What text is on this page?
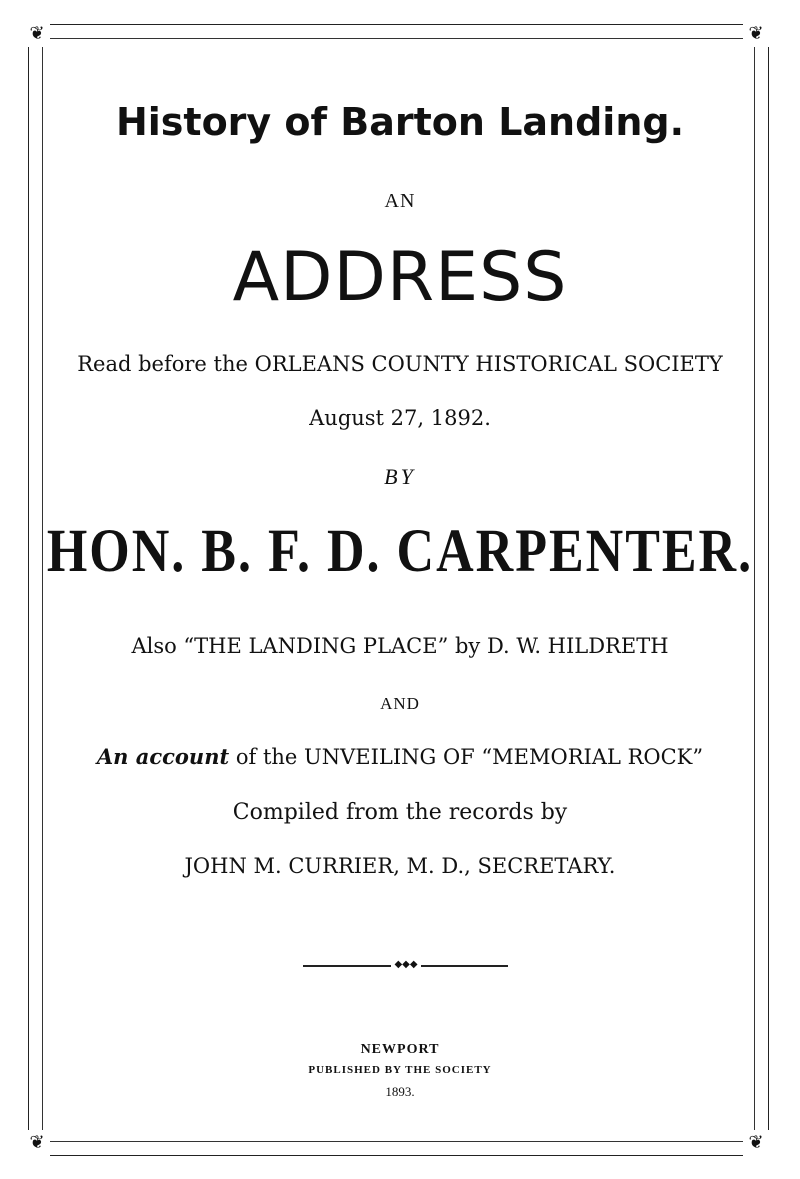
❦	❦
❦	❦
History of Barton Landing.
AN
ADDRESS
Read before the ORLEANS COUNTY HISTORICAL SOCIETY
August 27, 1892.
BY
HON. B. F. D. CARPENTER.
Also “THE LANDING PLACE” by D. W. HILDRETH
AND
An account of the UNVEILING OF “MEMORIAL ROCK”
Compiled from the records by
JOHN M. CURRIER, M. D., SECRETARY.
◆◆◆
NEWPORT
PUBLISHED BY THE SOCIETY
1893.
